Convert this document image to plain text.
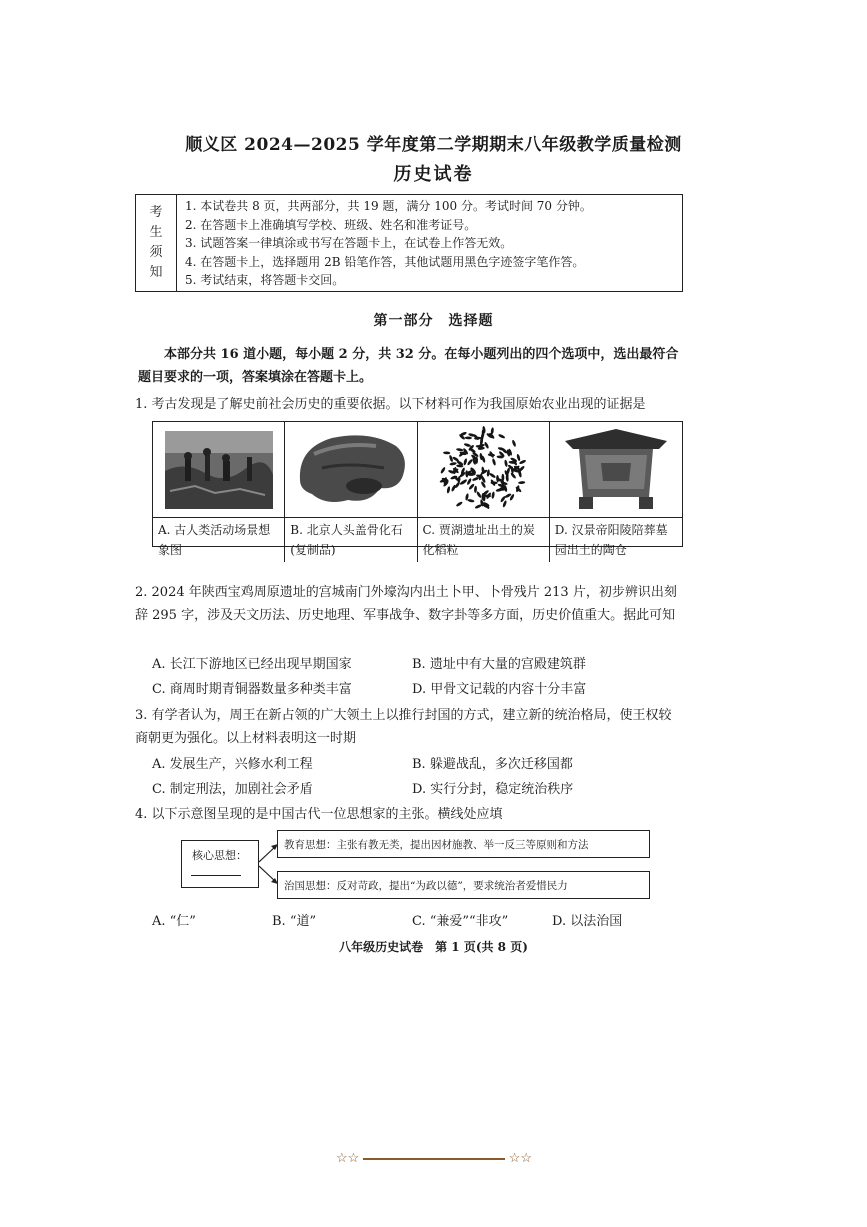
顺义区 2024—2025 学年度第二学期期末八年级教学质量检测
历史试卷
考
生
须
知
1. 本试卷共 8 页，共两部分，共 19 题，满分 100 分。考试时间 70 分钟。
2. 在答题卡上准确填写学校、班级、姓名和准考证号。
3. 试题答案一律填涂或书写在答题卡上，在试卷上作答无效。
4. 在答题卡上，选择题用 2B 铅笔作答，其他试题用黑色字迹签字笔作答。
5. 考试结束，将答题卡交回。
第一部分　选择题
本部分共 16 道小题，每小题 2 分，共 32 分。在每小题列出的四个选项中，选出最符合题目要求的一项，答案填涂在答题卡上。
1. 考古发现是了解史前社会历史的重要依据。以下材料可作为我国原始农业出现的证据是
A. 古人类活动场景想象图
B. 北京人头盖骨化石(复制品)
C. 贾湖遗址出土的炭化稻粒
D. 汉景帝阳陵陪葬墓园出土的陶仓
2. 2024 年陕西宝鸡周原遗址的宫城南门外壕沟内出土卜甲、卜骨残片 213 片，初步辨识出刻辞 295 字，涉及天文历法、历史地理、军事战争、数字卦等多方面，历史价值重大。据此可知
A. 长江下游地区已经出现早期国家	B. 遗址中有大量的宫殿建筑群
C. 商周时期青铜器数量多种类丰富	D. 甲骨文记载的内容十分丰富
3. 有学者认为，周王在新占领的广大领土上以推行封国的方式，建立新的统治格局，使王权较商朝更为强化。以上材料表明这一时期
A. 发展生产，兴修水利工程	B. 躲避战乱，多次迁移国都
C. 制定刑法，加剧社会矛盾	D. 实行分封，稳定统治秩序
4. 以下示意图呈现的是中国古代一位思想家的主张。横线处应填
核心思想：
教育思想：主张有教无类，提出因材施教、举一反三等原则和方法
治国思想：反对苛政，提出“为政以德”，要求统治者爱惜民力
A. “仁”	B. “道”	C. “兼爱”“非攻”	D. 以法治国
八年级历史试卷　第 1 页(共 8 页)
☆☆	☆☆
